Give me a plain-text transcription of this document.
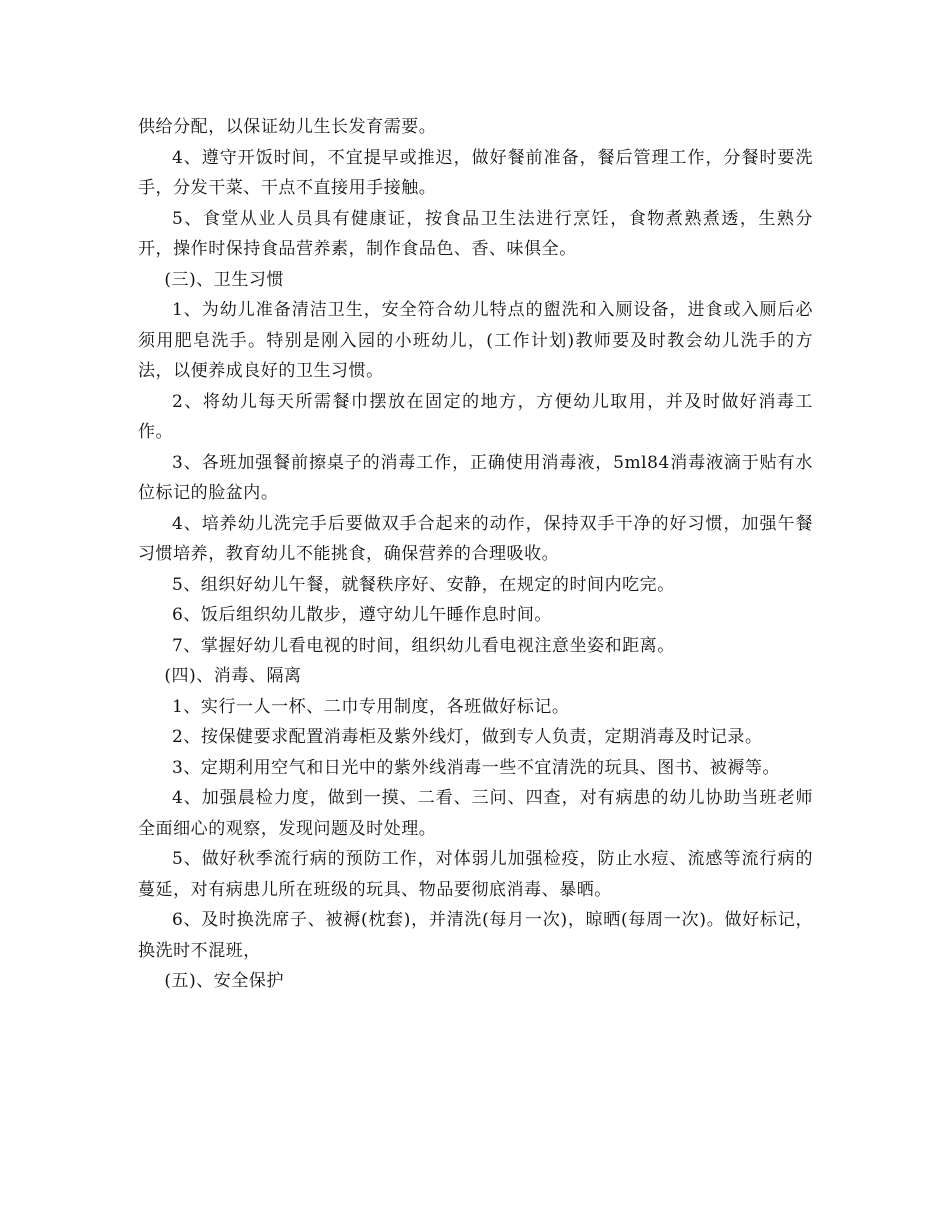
供给分配，以保证幼儿生长发育需要。

4、遵守开饭时间，不宜提早或推迟，做好餐前准备，餐后管理工作，分餐时要洗手，分发干菜、干点不直接用手接触。

5、食堂从业人员具有健康证，按食品卫生法进行烹饪，食物煮熟煮透，生熟分开，操作时保持食品营养素，制作食品色、香、味俱全。

(三)、卫生习惯

1、为幼儿准备清洁卫生，安全符合幼儿特点的盥洗和入厕设备，进食或入厕后必须用肥皂洗手。特别是刚入园的小班幼儿，(工作计划)教师要及时教会幼儿洗手的方法，以便养成良好的卫生习惯。

2、将幼儿每天所需餐巾摆放在固定的地方，方便幼儿取用，并及时做好消毒工作。

3、各班加强餐前擦桌子的消毒工作，正确使用消毒液，5ml84消毒液滴于贴有水位标记的脸盆内。

4、培养幼儿洗完手后要做双手合起来的动作，保持双手干净的好习惯，加强午餐习惯培养，教育幼儿不能挑食，确保营养的合理吸收。

5、组织好幼儿午餐，就餐秩序好、安静，在规定的时间内吃完。

6、饭后组织幼儿散步，遵守幼儿午睡作息时间。

7、掌握好幼儿看电视的时间，组织幼儿看电视注意坐姿和距离。

(四)、消毒、隔离

1、实行一人一杯、二巾专用制度，各班做好标记。

2、按保健要求配置消毒柜及紫外线灯，做到专人负责，定期消毒及时记录。

3、定期利用空气和日光中的紫外线消毒一些不宜清洗的玩具、图书、被褥等。

4、加强晨检力度，做到一摸、二看、三问、四查，对有病患的幼儿协助当班老师全面细心的观察，发现问题及时处理。

5、做好秋季流行病的预防工作，对体弱儿加强检疫，防止水痘、流感等流行病的蔓延，对有病患儿所在班级的玩具、物品要彻底消毒、暴晒。

6、及时换洗席子、被褥(枕套)，并清洗(每月一次)，晾晒(每周一次)。做好标记，换洗时不混班，

(五)、安全保护
